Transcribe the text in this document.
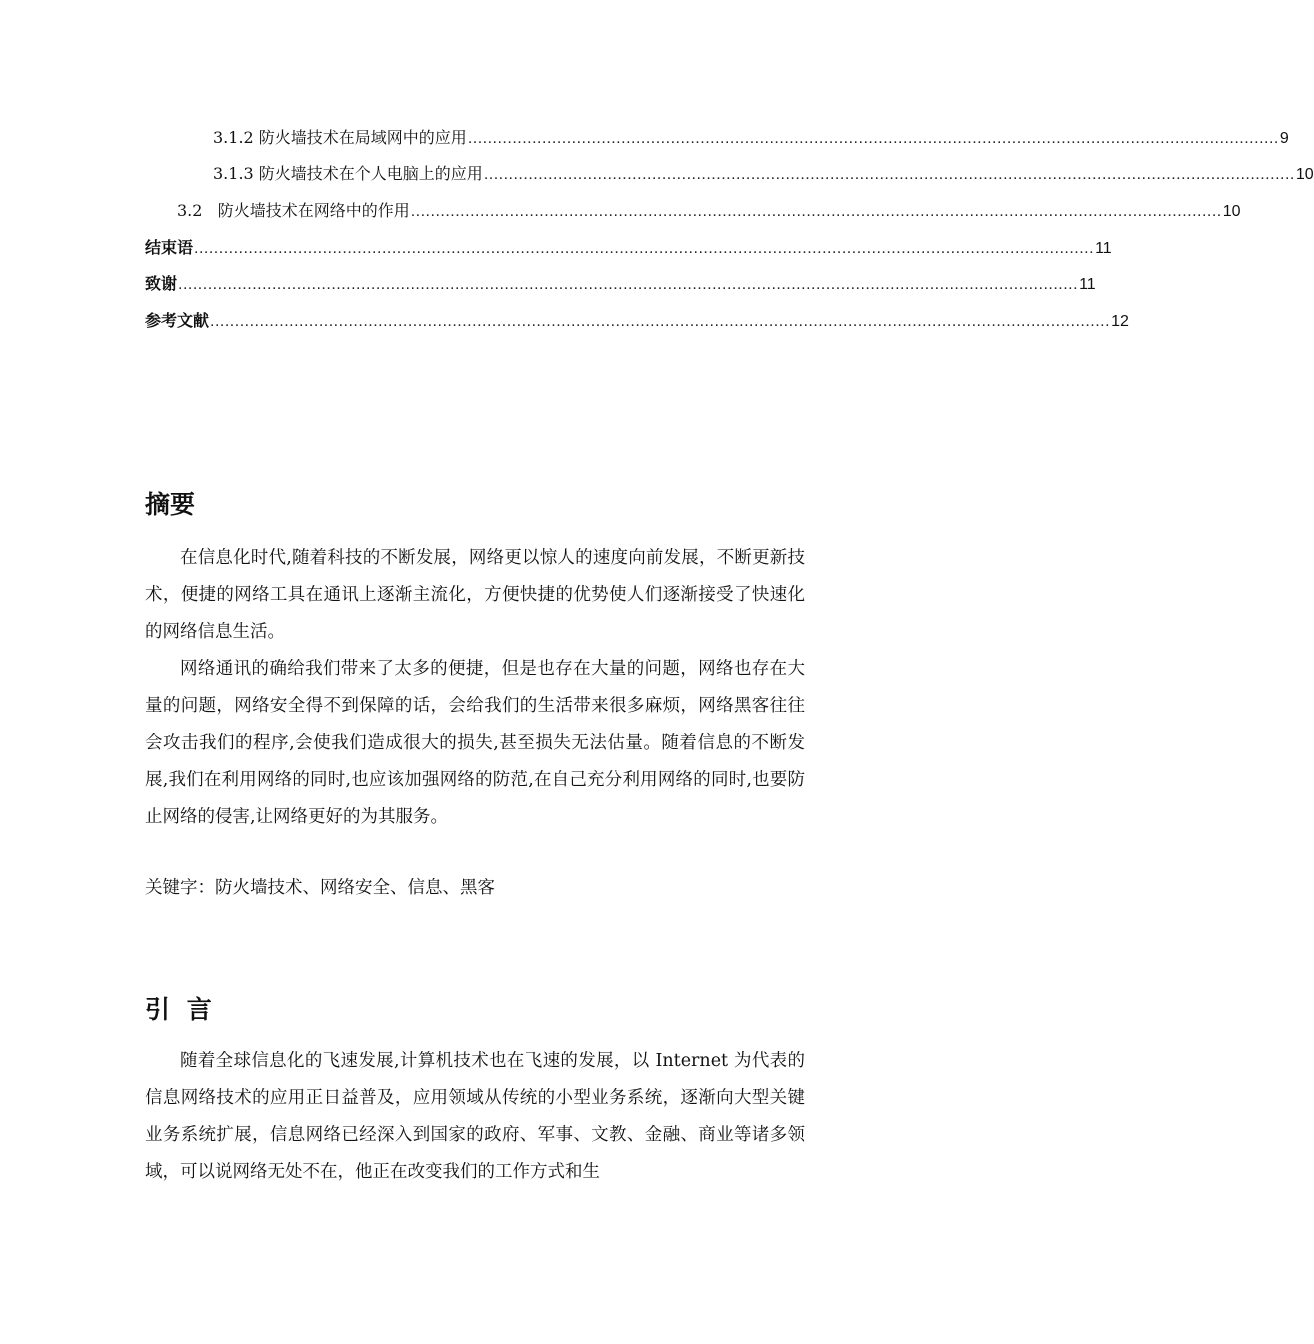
3.1.2 防火墙技术在局域网中的应用 .................................................................................................................................................................... 9
3.1.3 防火墙技术在个人电脑上的应用 .................................................................................................................................................................... 10
3.2   防火墙技术在网络中的作用 .................................................................................................................................................................... 10
结束语 ...................................................................................................................................................................................... 11
致谢 ...................................................................................................................................................................................... 11
参考文献 ...................................................................................................................................................................................... 12
摘要

在信息化时代,随着科技的不断发展，网络更以惊人的速度向前发展，不断更新技术，便捷的网络工具在通讯上逐渐主流化，方便快捷的优势使人们逐渐接受了快速化的网络信息生活。

网络通讯的确给我们带来了太多的便捷，但是也存在大量的问题，网络也存在大量的问题，网络安全得不到保障的话，会给我们的生活带来很多麻烦，网络黑客往往会攻击我们的程序,会使我们造成很大的损失,甚至损失无法估量。随着信息的不断发展,我们在利用网络的同时,也应该加强网络的防范,在自己充分利用网络的同时,也要防止网络的侵害,让网络更好的为其服务。

关键字：防火墙技术、网络安全、信息、黑客
引 言

随着全球信息化的飞速发展,计算机技术也在飞速的发展，以 Internet 为代表的信息网络技术的应用正日益普及，应用领域从传统的小型业务系统，逐渐向大型关键业务系统扩展，信息网络已经深入到国家的政府、军事、文教、金融、商业等诸多领域，可以说网络无处不在，他正在改变我们的工作方式和生
